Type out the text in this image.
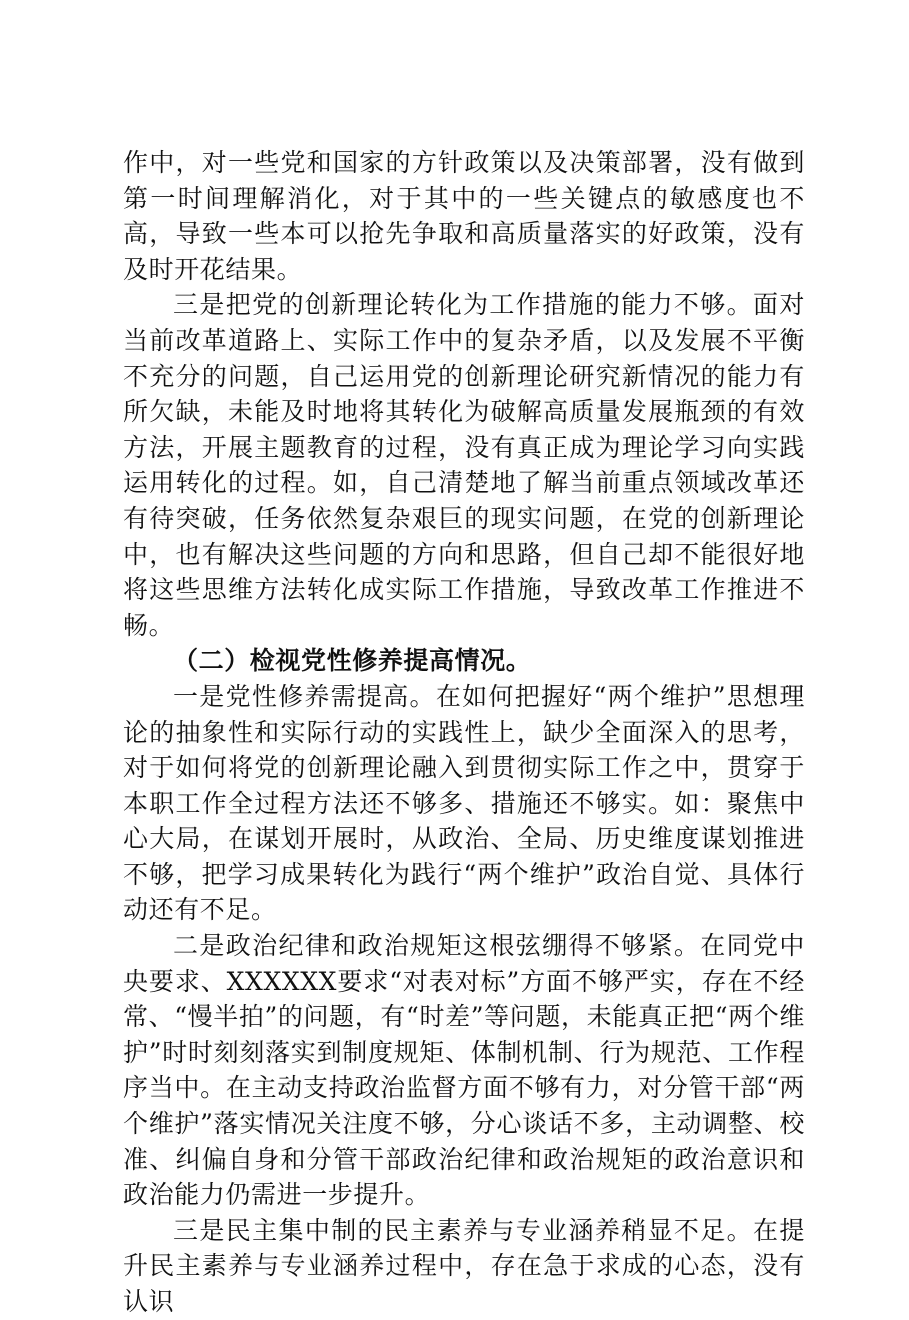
作中，对一些党和国家的方针政策以及决策部署，没有做到第一时间理解消化，对于其中的一些关键点的敏感度也不高，导致一些本可以抢先争取和高质量落实的好政策，没有及时开花结果。

三是把党的创新理论转化为工作措施的能力不够。面对当前改革道路上、实际工作中的复杂矛盾，以及发展不平衡不充分的问题，自己运用党的创新理论研究新情况的能力有所欠缺，未能及时地将其转化为破解高质量发展瓶颈的有效方法，开展主题教育的过程，没有真正成为理论学习向实践运用转化的过程。如，自己清楚地了解当前重点领域改革还有待突破，任务依然复杂艰巨的现实问题，在党的创新理论中，也有解决这些问题的方向和思路，但自己却不能很好地将这些思维方法转化成实际工作措施，导致改革工作推进不畅。

（二）检视党性修养提高情况。

一是党性修养需提高。在如何把握好“两个维护”思想理论的抽象性和实际行动的实践性上，缺少全面深入的思考，对于如何将党的创新理论融入到贯彻实际工作之中，贯穿于本职工作全过程方法还不够多、措施还不够实。如：聚焦中心大局，在谋划开展时，从政治、全局、历史维度谋划推进不够，把学习成果转化为践行“两个维护”政治自觉、具体行动还有不足。

二是政治纪律和政治规矩这根弦绷得不够紧。在同党中央要求、XXXXXX要求“对表对标”方面不够严实，存在不经常、“慢半拍”的问题，有“时差”等问题，未能真正把“两个维护”时时刻刻落实到制度规矩、体制机制、行为规范、工作程序当中。在主动支持政治监督方面不够有力，对分管干部“两个维护”落实情况关注度不够，分心谈话不多，主动调整、校准、纠偏自身和分管干部政治纪律和政治规矩的政治意识和政治能力仍需进一步提升。

三是民主集中制的民主素养与专业涵养稍显不足。在提升民主素养与专业涵养过程中，存在急于求成的心态，没有认识
